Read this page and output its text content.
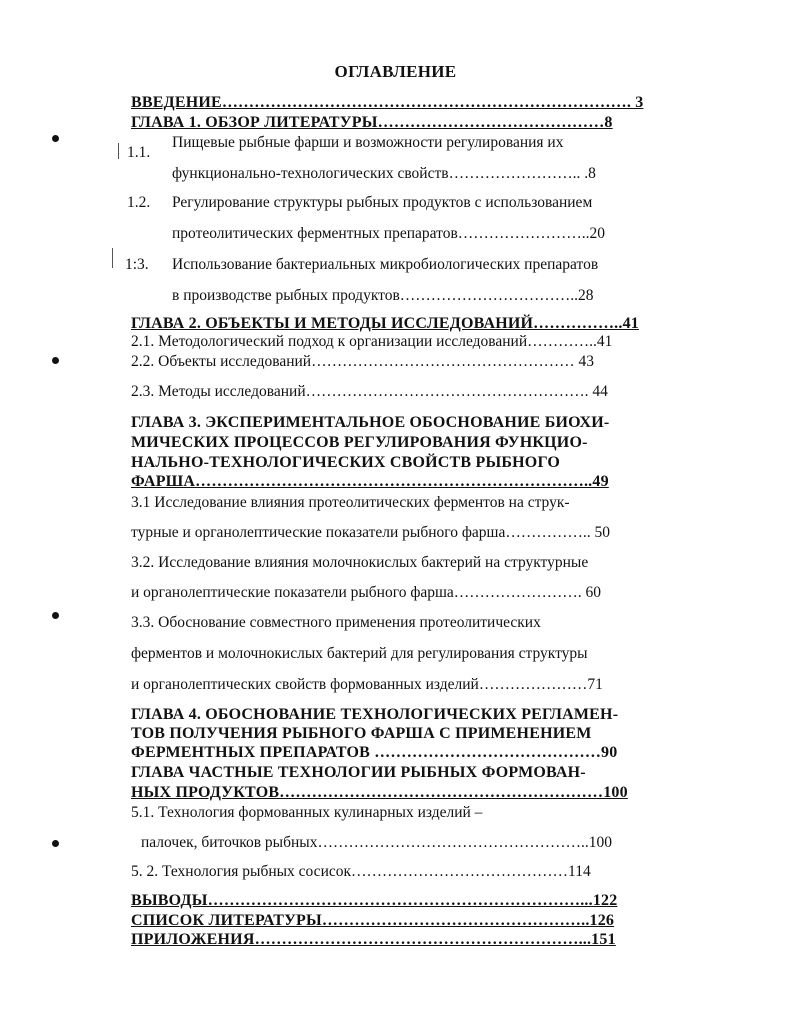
ОГЛАВЛЕНИЕ
1.1.
1.2.
1:3.
ВВЕДЕНИЕ…………………………………………………………………. 3
ГЛАВА 1. ОБЗОР ЛИТЕРАТУРЫ……………………………………8
Пищевые рыбные фарши и возможности регулирования их
функционально-технологических свойств…………………….. .8
Регулирование структуры рыбных продуктов с использованием
протеолитических ферментных препаратов……………………..20
Использование бактериальных микробиологических препаратов
в производстве рыбных продуктов……………………………..28
ГЛАВА 2. ОБЪЕКТЫ И МЕТОДЫ ИССЛЕДОВАНИЙ……………..41
2.1. Методологический подход к организации исследований…………..41
2.2. Объекты исследований…………………………………………… 43
2.3. Методы исследований………………………………………………. 44
ГЛАВА 3. ЭКСПЕРИМЕНТАЛЬНОЕ ОБОСНОВАНИЕ БИОХИ-
МИЧЕСКИХ ПРОЦЕССОВ РЕГУЛИРОВАНИЯ ФУНКЦИО-
НАЛЬНО-ТЕХНОЛОГИЧЕСКИХ СВОЙСТВ РЫБНОГО
ФАРША………………………………………………………………..49
3.1 Исследование влияния протеолитических ферментов на струк-
турные и органолептические показатели рыбного фарша…………….. 50
3.2. Исследование влияния молочнокислых бактерий на структурные
и органолептические показатели рыбного фарша……………………. 60
3.3. Обоснование совместного применения протеолитических
ферментов и молочнокислых бактерий для регулирования структуры
и органолептических свойств формованных изделий…………………71
ГЛАВА 4. ОБОСНОВАНИЕ ТЕХНОЛОГИЧЕСКИХ РЕГЛАМЕН-
ТОВ ПОЛУЧЕНИЯ РЫБНОГО ФАРША С ПРИМЕНЕНИЕМ
ФЕРМЕНТНЫХ ПРЕПАРАТОВ ……………………………………90
ГЛАВА ЧАСТНЫЕ ТЕХНОЛОГИИ РЫБНЫХ ФОРМОВАН-
НЫХ ПРОДУКТОВ……………………………………………………100
5.1. Технология формованных кулинарных изделий –
палочек, биточков рыбных……………………………………………..100
5. 2. Технология рыбных сосисок……………………………………114
ВЫВОДЫ……………………………………………………………...122
СПИСОК ЛИТЕРАТУРЫ…………………………………………..126
ПРИЛОЖЕНИЯ……………………………………………………...151
